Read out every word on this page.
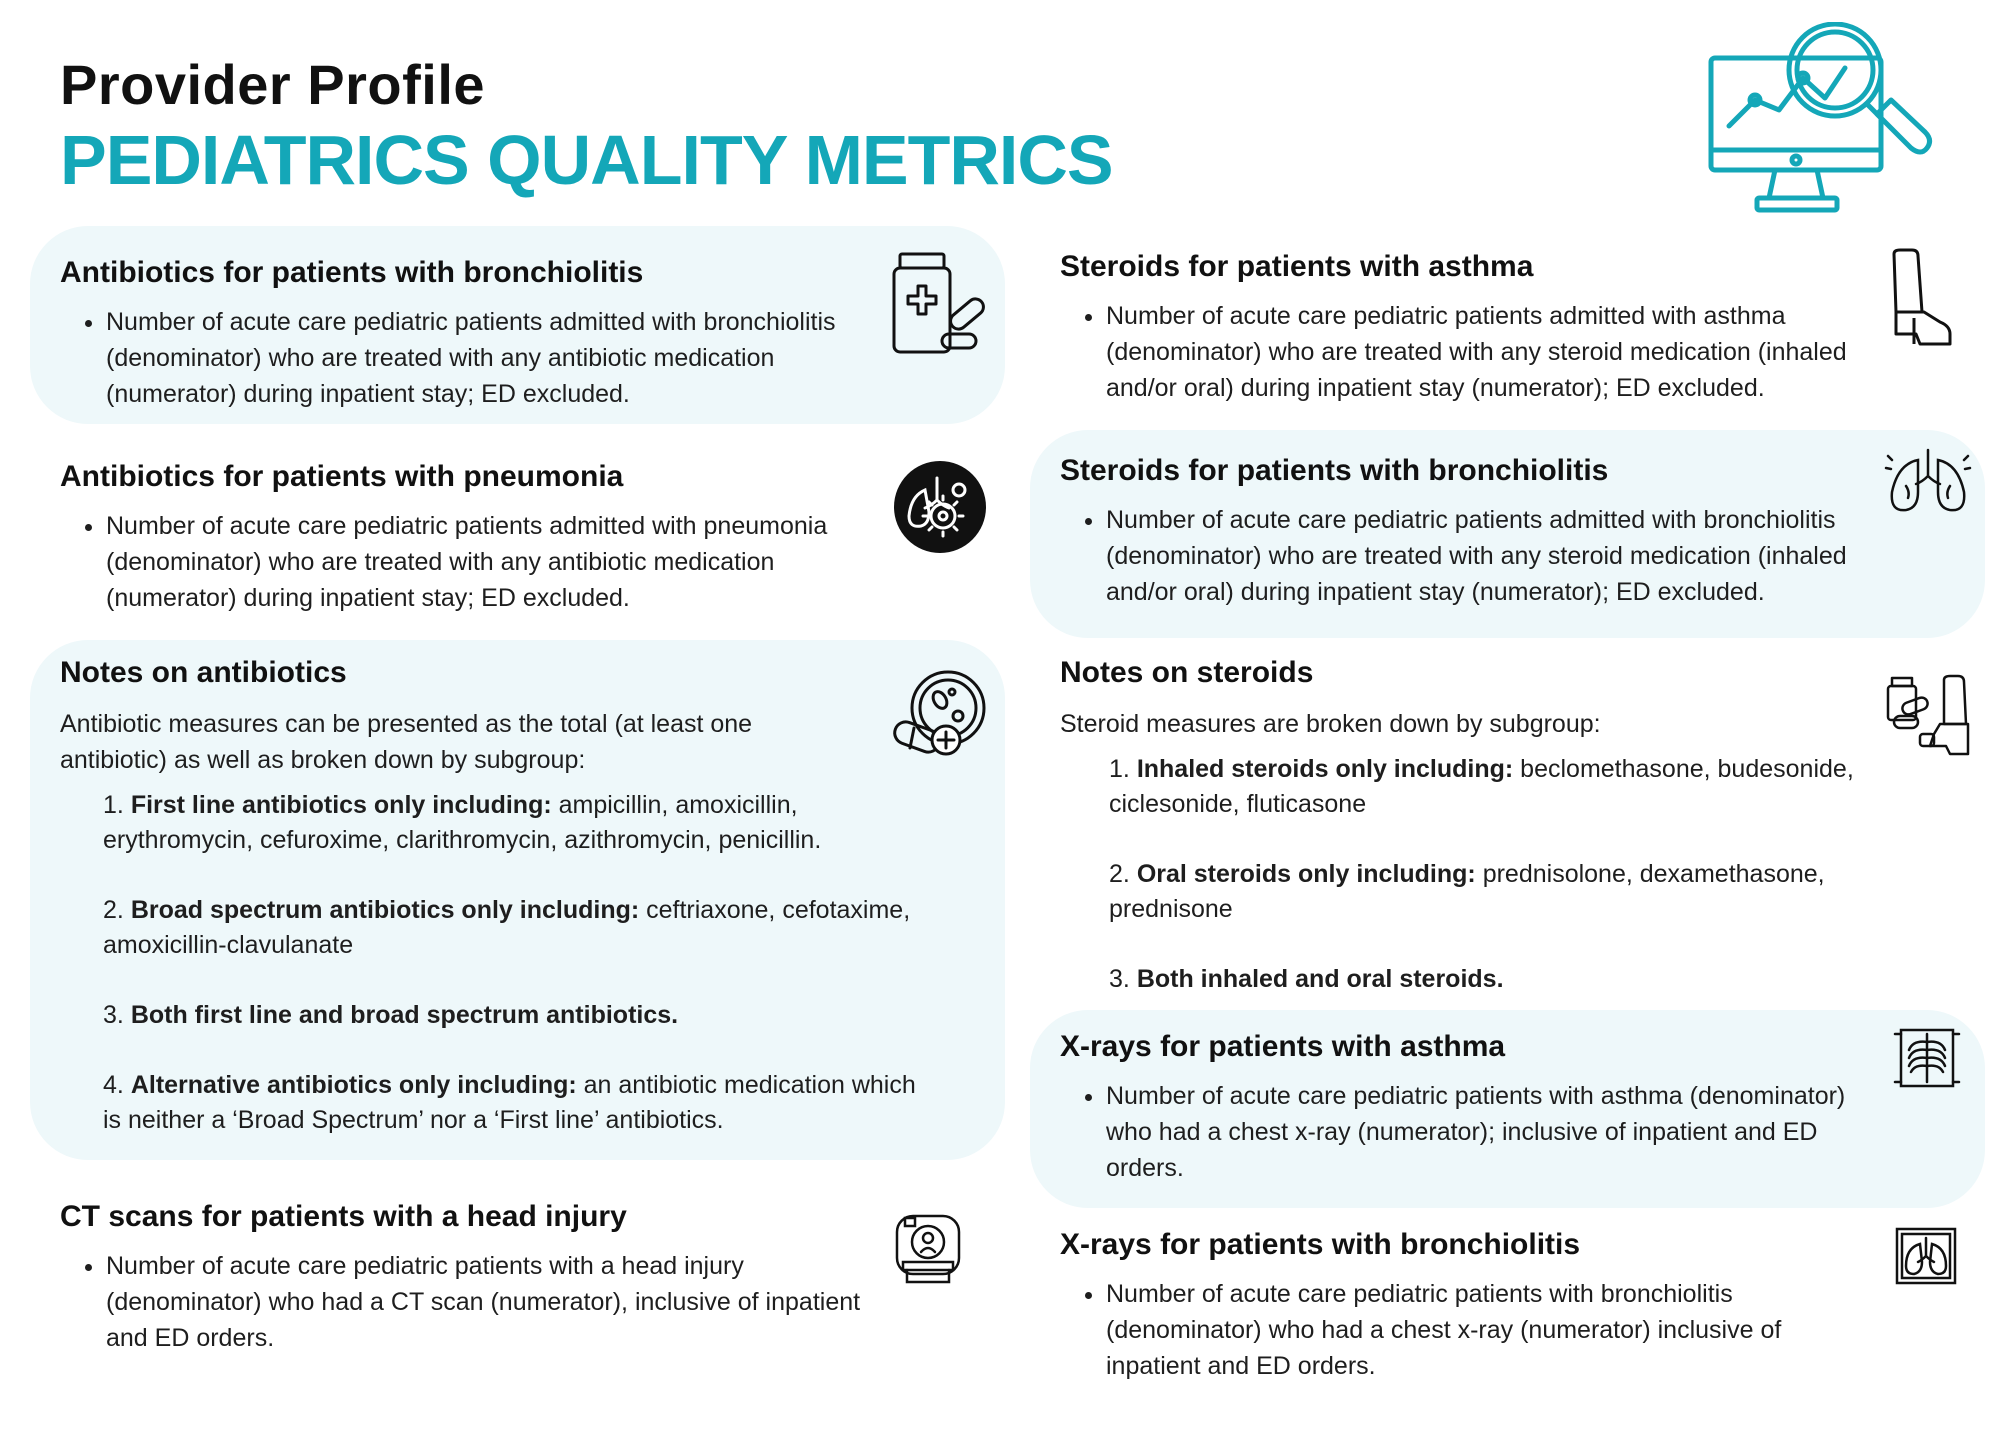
Provider Profile
PEDIATRICS QUALITY METRICS
Antibiotics for patients with bronchiolitis
• Number of acute care pediatric patients admitted with bronchiolitis (denominator) who are treated with any antibiotic medication (numerator) during inpatient stay; ED excluded.
Antibiotics for patients with pneumonia
• Number of acute care pediatric patients admitted with pneumonia (denominator) who are treated with any antibiotic medication (numerator) during inpatient stay; ED excluded.
Notes on antibiotics

Antibiotic measures can be presented as the total (at least one antibiotic) as well as broken down by subgroup:

1. First line antibiotics only including: ampicillin, amoxicillin, erythromycin, cefuroxime, clarithromycin, azithromycin, penicillin.
2. Broad spectrum antibiotics only including: ceftriaxone, cefotaxime, amoxicillin-clavulanate
3. Both first line and broad spectrum antibiotics.
4. Alternative antibiotics only including: an antibiotic medication which is neither a ‘Broad Spectrum’ nor a ‘First line’ antibiotics.
CT scans for patients with a head injury
• Number of acute care pediatric patients with a head injury (denominator) who had a CT scan (numerator), inclusive of inpatient and ED orders.
Steroids for patients with asthma
• Number of acute care pediatric patients admitted with asthma (denominator) who are treated with any steroid medication (inhaled and/or oral) during inpatient stay (numerator); ED excluded.
Steroids for patients with bronchiolitis
• Number of acute care pediatric patients admitted with bronchiolitis (denominator) who are treated with any steroid medication (inhaled and/or oral) during inpatient stay (numerator); ED excluded.
Notes on steroids

Steroid measures are broken down by subgroup:

1. Inhaled steroids only including: beclomethasone, budesonide, ciclesonide, fluticasone
2. Oral steroids only including: prednisolone, dexamethasone, prednisone
3. Both inhaled and oral steroids.
X-rays for patients with asthma
• Number of acute care pediatric patients with asthma (denominator) who had a chest x-ray (numerator); inclusive of inpatient and ED orders.
X-rays for patients with bronchiolitis
• Number of acute care pediatric patients with bronchiolitis (denominator) who had a chest x-ray (numerator) inclusive of inpatient and ED orders.
